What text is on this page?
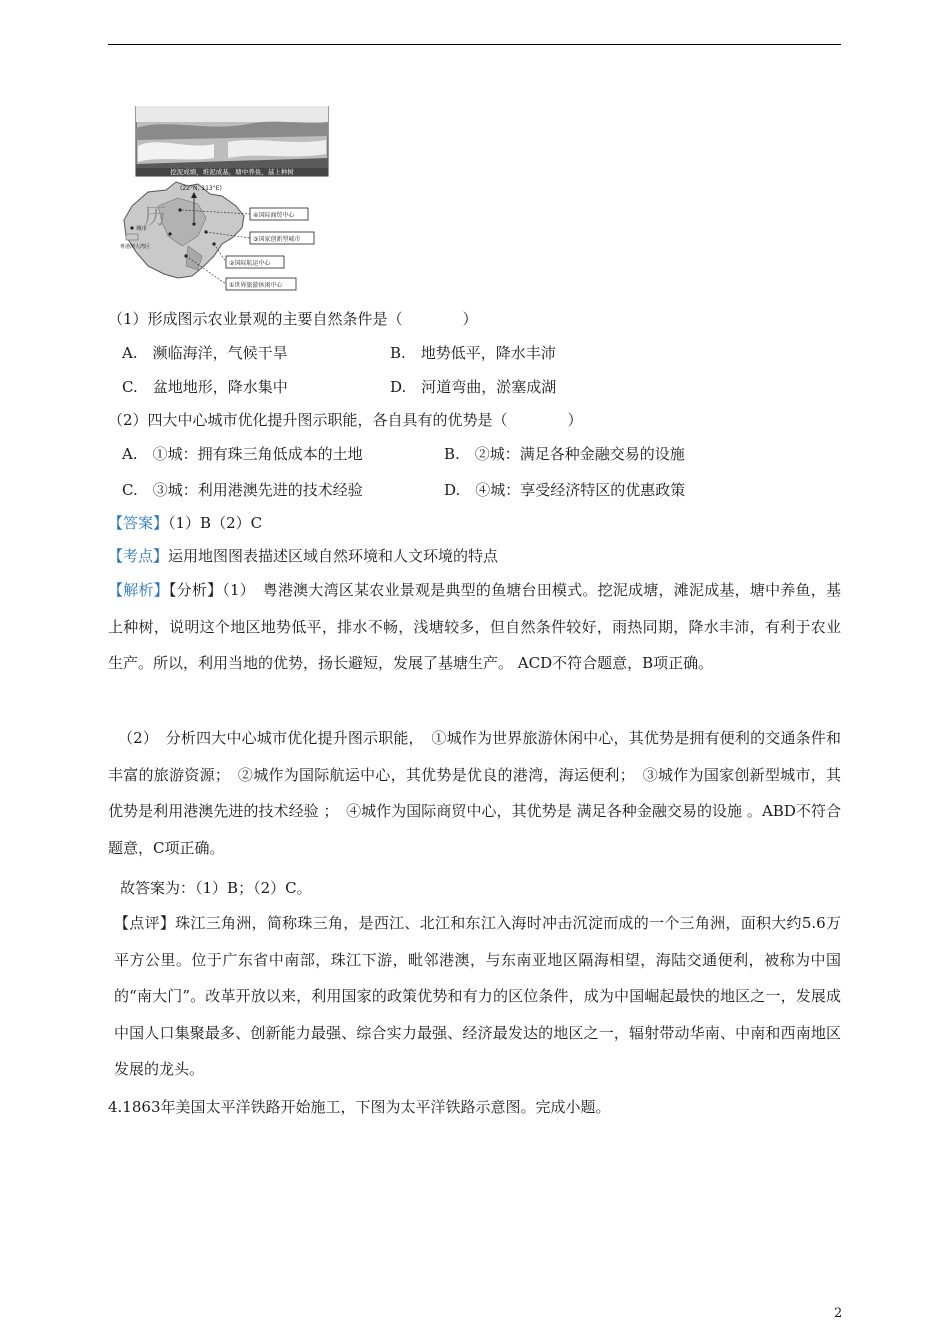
挖泥成塘，堆泥成基，塘中养鱼，基上种树
历
(22°N, 113°E)
城市
粤港澳大湾区
④国际商贸中心
③国家创新型城市
②国际航运中心
①世界旅游休闲中心
（1）形成图示农业景观的主要自然条件是（　　　　）
A.　濒临海洋，气候干旱	B.　地势低平，降水丰沛
C.　盆地地形，降水集中	D.　河道弯曲，淤塞成湖
（2）四大中心城市优化提升图示职能，各自具有的优势是（　　　　）
A.　①城：拥有珠三角低成本的土地	B.　②城：满足各种金融交易的设施
C.　③城：利用港澳先进的技术经验	D.　④城：享受经济特区的优惠政策
【答案】（1）B（2）C
【考点】运用地图图表描述区域自然环境和人文环境的特点
【解析】【分析】（1）　粤港澳大湾区某农业景观是典型的鱼塘台田模式。挖泥成塘，滩泥成基，塘中养鱼，基上种树，说明这个地区地势低平，排水不畅，浅塘较多，但自然条件较好，雨热同期，降水丰沛，有利于农业生产。所以，利用当地的优势，扬长避短，发展了基塘生产。 ACD不符合题意，B项正确。
（2）　分析四大中心城市优化提升图示职能，　①城作为世界旅游休闲中心，其优势是拥有便利的交通条件和丰富的旅游资源；　②城作为国际航运中心，其优势是优良的港湾，海运便利；　③城作为国家创新型城市，其优势是利用港澳先进的技术经验 ；　④城作为国际商贸中心，其优势是 满足各种金融交易的设施 。ABD不符合题意，C项正确。
故答案为：（1）B；（2）C。
【点评】珠江三角洲，简称珠三角，是西江、北江和东江入海时冲击沉淀而成的一个三角洲，面积大约5.6万平方公里。位于广东省中南部，珠江下游，毗邻港澳，与东南亚地区隔海相望，海陆交通便利，被称为中国的“南大门”。改革开放以来，利用国家的政策优势和有力的区位条件，成为中国崛起最快的地区之一，发展成中国人口集聚最多、创新能力最强、综合实力最强、经济最发达的地区之一，辐射带动华南、中南和西南地区发展的龙头。
4.1863年美国太平洋铁路开始施工，下图为太平洋铁路示意图。完成小题。
2
